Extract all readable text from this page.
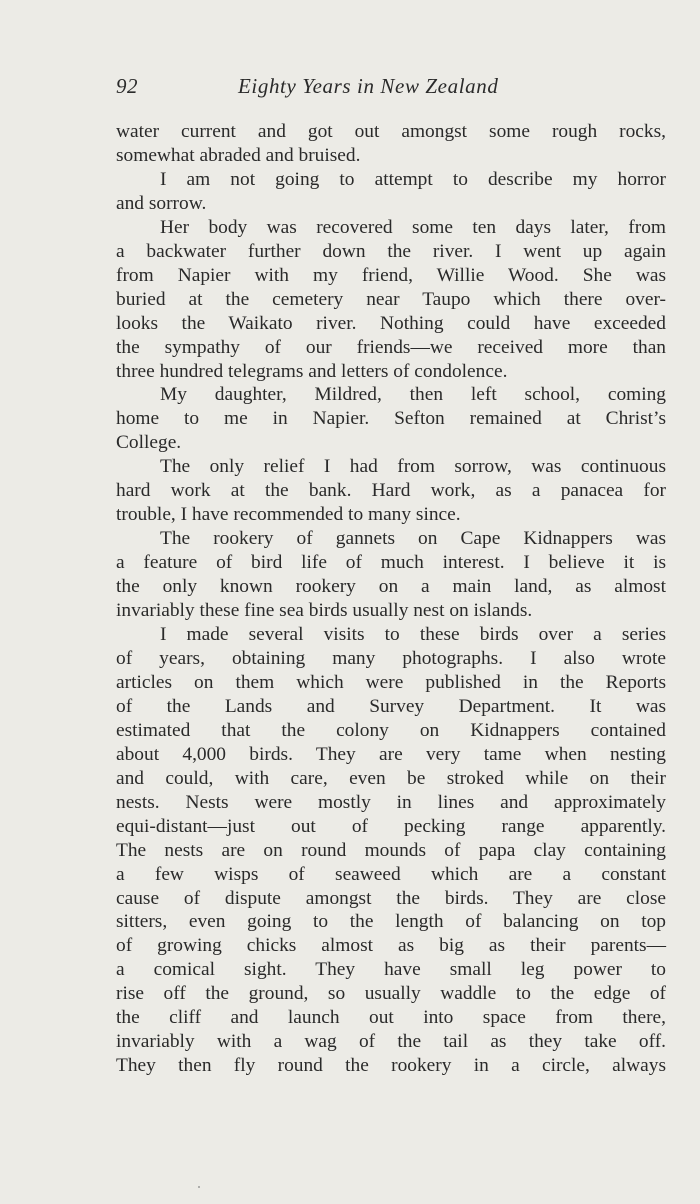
92	Eighty Years in New Zealand
water current and got out amongst some rough rocks,
somewhat abraded and bruised.
I am not going to attempt to describe my horror
and sorrow.
Her body was recovered some ten days later, from
a backwater further down the river. I went up again
from Napier with my friend, Willie Wood. She was
buried at the cemetery near Taupo which there over-
looks the Waikato river. Nothing could have exceeded
the sympathy of our friends—we received more than
three hundred telegrams and letters of condolence.
My daughter, Mildred, then left school, coming
home to me in Napier. Sefton remained at Christ’s
College.
The only relief I had from sorrow, was continuous
hard work at the bank. Hard work, as a panacea for
trouble, I have recommended to many since.
The rookery of gannets on Cape Kidnappers was
a feature of bird life of much interest. I believe it is
the only known rookery on a main land, as almost
invariably these fine sea birds usually nest on islands.
I made several visits to these birds over a series
of years, obtaining many photographs. I also wrote
articles on them which were published in the Reports
of the Lands and Survey Department. It was
estimated that the colony on Kidnappers contained
about 4,000 birds. They are very tame when nesting
and could, with care, even be stroked while on their
nests. Nests were mostly in lines and approximately
equi-distant—just out of pecking range apparently.
The nests are on round mounds of papa clay containing
a few wisps of seaweed which are a constant
cause of dispute amongst the birds. They are close
sitters, even going to the length of balancing on top
of growing chicks almost as big as their parents—
a comical sight. They have small leg power to
rise off the ground, so usually waddle to the edge of
the cliff and launch out into space from there,
invariably with a wag of the tail as they take off.
They then fly round the rookery in a circle, always
